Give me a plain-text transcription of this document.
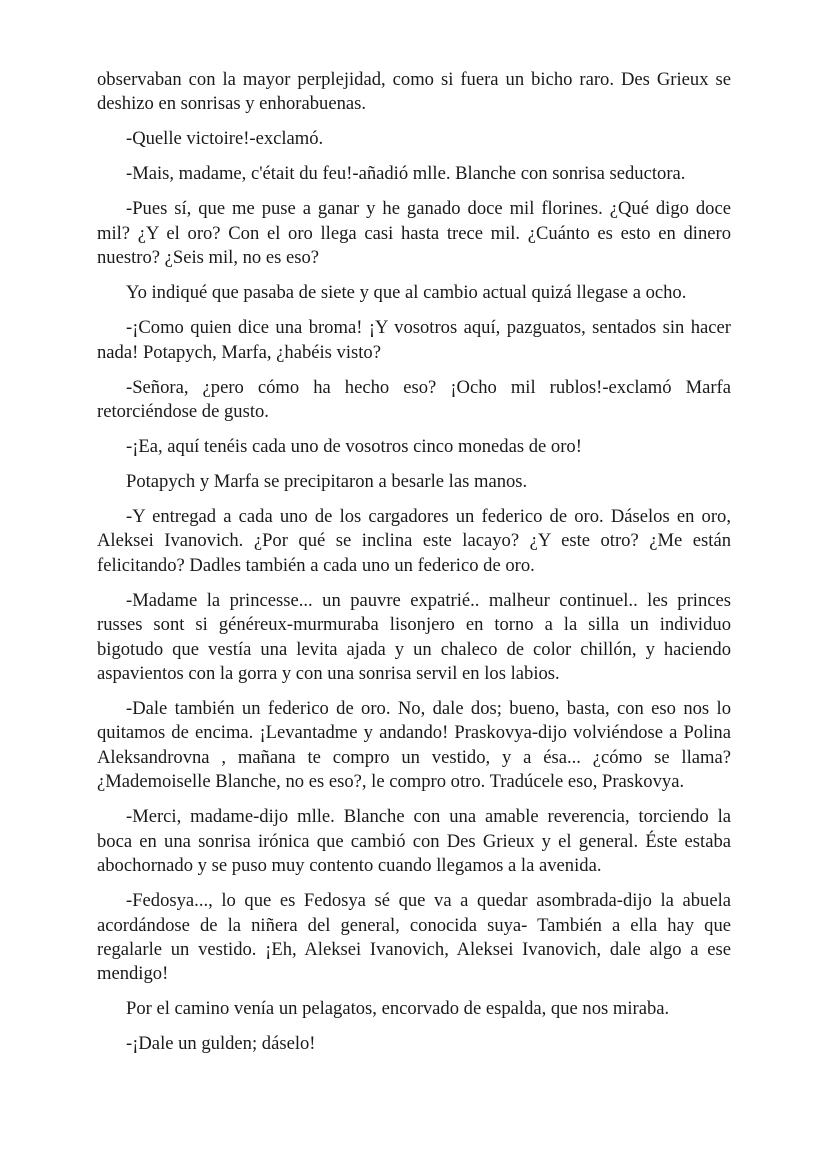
observaban con la mayor perplejidad, como si fuera un bicho raro. Des Grieux se deshizo en sonrisas y enhorabuenas.

-Quelle victoire!-exclamó.

-Mais, madame, c'était du feu!-añadió mlle. Blanche con sonrisa seductora.

-Pues sí, que me puse a ganar y he ganado doce mil florines. ¿Qué digo doce mil? ¿Y el oro? Con el oro llega casi hasta trece mil. ¿Cuánto es esto en dinero nuestro? ¿Seis mil, no es eso?

Yo indiqué que pasaba de siete y que al cambio actual quizá llegase a ocho.

-¡Como quien dice una broma! ¡Y vosotros aquí, pazguatos, sentados sin hacer nada! Potapych, Marfa, ¿habéis visto?

-Señora, ¿pero cómo ha hecho eso? ¡Ocho mil rublos!-exclamó Marfa retorciéndose de gusto.

-¡Ea, aquí tenéis cada uno de vosotros cinco monedas de oro!

Potapych y Marfa se precipitaron a besarle las manos.

-Y entregad a cada uno de los cargadores un federico de oro. Dáselos en oro, Aleksei Ivanovich. ¿Por qué se inclina este lacayo? ¿Y este otro? ¿Me están felicitando? Dadles también a cada uno un federico de oro.

-Madame la princesse... un pauvre expatrié.. malheur continuel.. les princes russes sont si généreux-murmuraba lisonjero en torno a la silla un individuo bigotudo que vestía una levita ajada y un chaleco de color chillón, y haciendo aspavientos con la gorra y con una sonrisa servil en los labios.

-Dale también un federico de oro. No, dale dos; bueno, basta, con eso nos lo quitamos de encima. ¡Levantadme y andando! Praskovya-dijo volviéndose a Polina Aleksandrovna , mañana te compro un vestido, y a ésa... ¿cómo se llama? ¿Mademoiselle Blanche, no es eso?, le compro otro. Tradúcele eso, Praskovya.

-Merci, madame-dijo mlle. Blanche con una amable reverencia, torciendo la boca en una sonrisa irónica que cambió con Des Grieux y el general. Éste estaba abochornado y se puso muy contento cuando llegamos a la avenida.

-Fedosya..., lo que es Fedosya sé que va a quedar asombrada-dijo la abuela acordándose de la niñera del general, conocida suya- También a ella hay que regalarle un vestido. ¡Eh, Aleksei Ivanovich, Aleksei Ivanovich, dale algo a ese mendigo!

Por el camino venía un pelagatos, encorvado de espalda, que nos miraba.

-¡Dale un gulden; dáselo!
